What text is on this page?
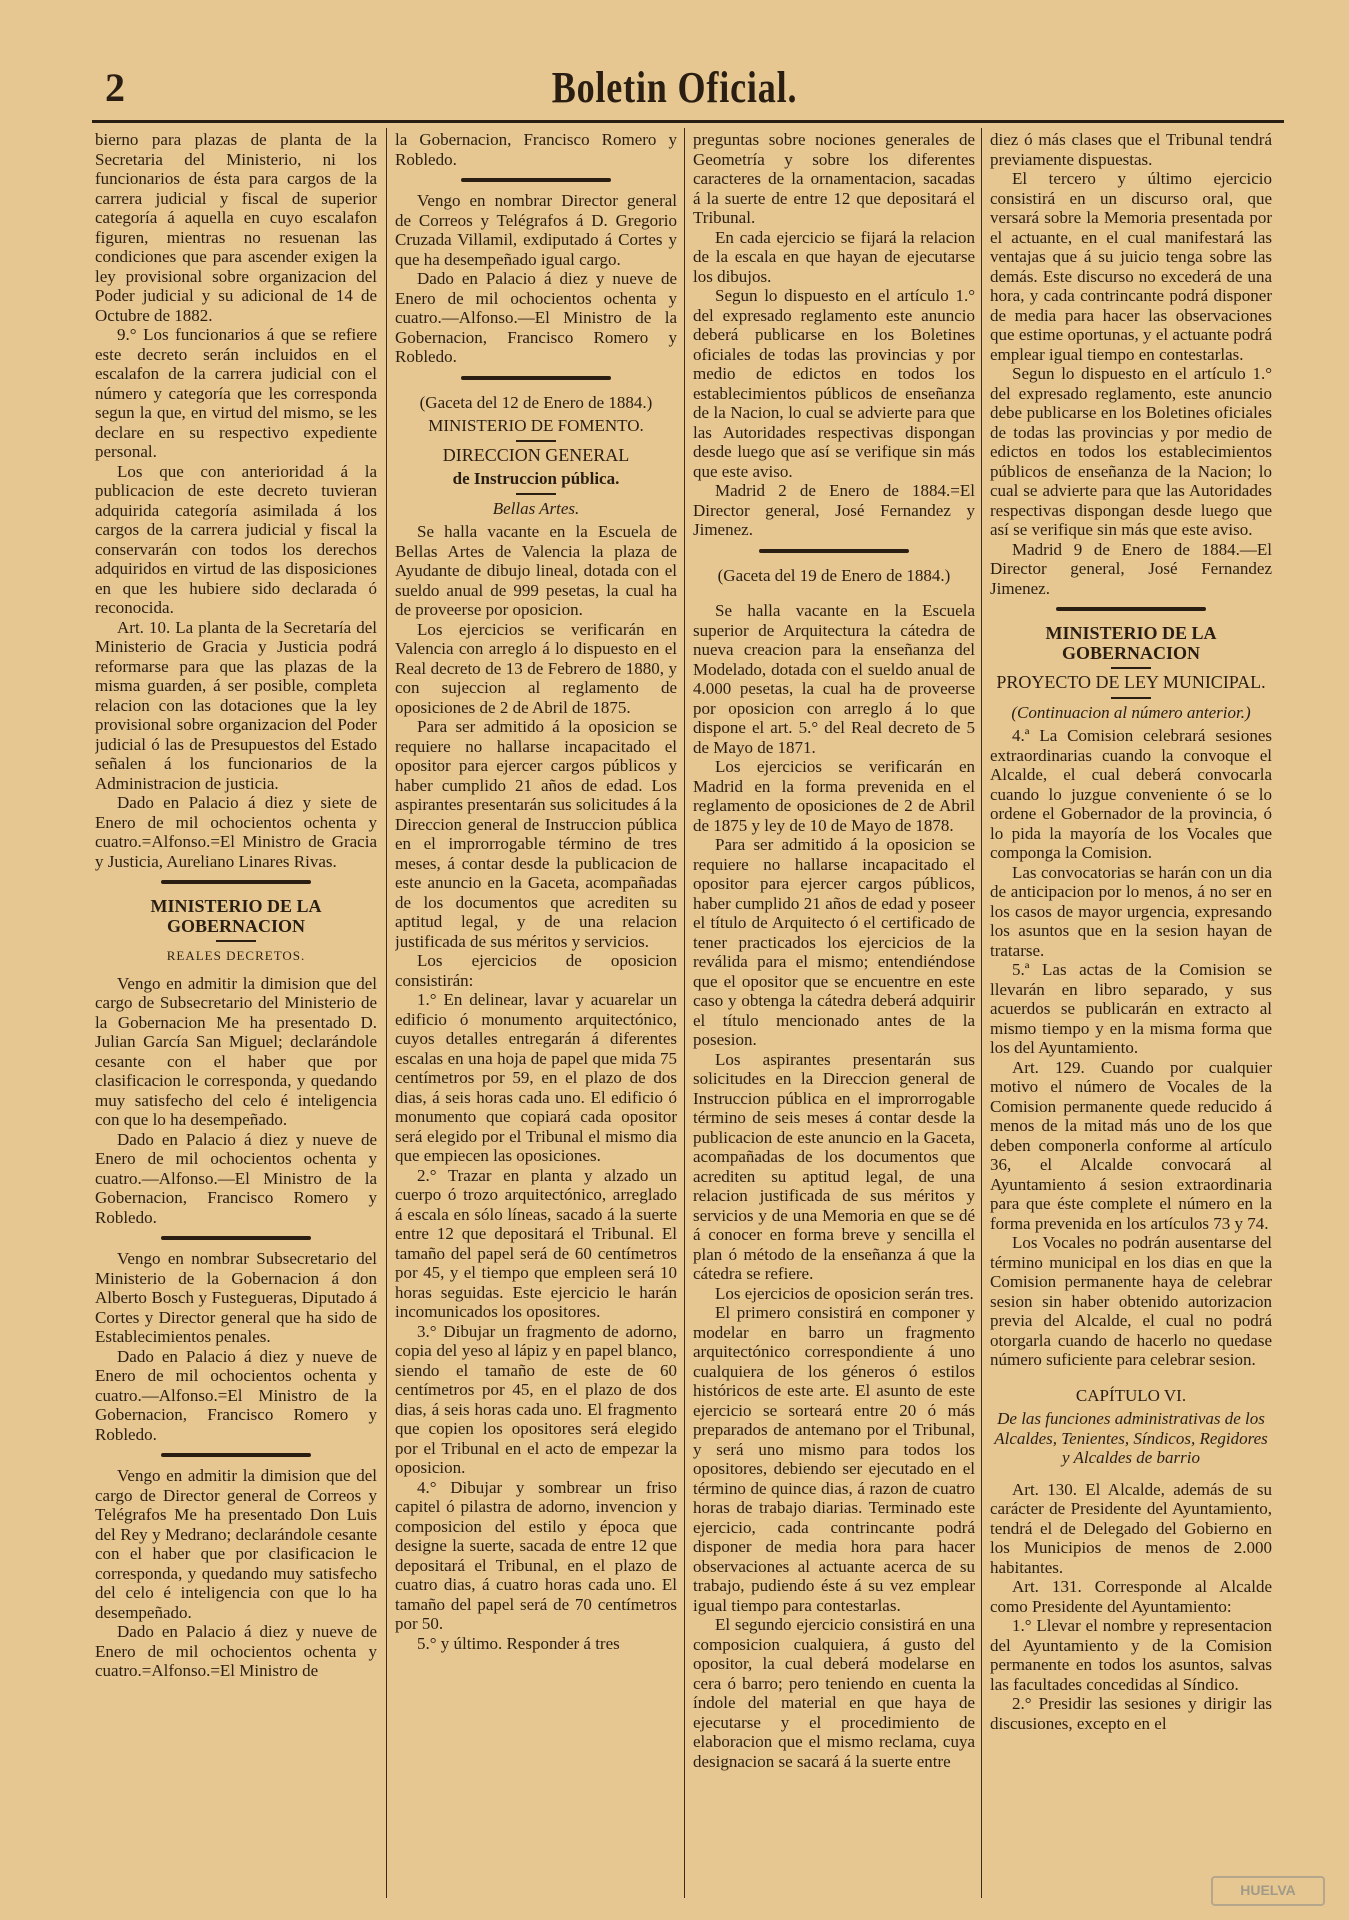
2	Boletin Oficial.

bierno para plazas de planta de la Secretaria del Ministerio, ni los funcionarios de ésta para cargos de la carrera judicial y fiscal de superior categoría á aquella en cuyo escalafon figuren, mientras no resuenan las condiciones que para ascender exigen la ley provisional sobre organizacion del Poder judicial y su adicional de 14 de Octubre de 1882.

9.° Los funcionarios á que se refiere este decreto serán incluidos en el escalafon de la carrera judicial con el número y categoría que les corresponda segun la que, en virtud del mismo, se les declare en su respectivo expediente personal.

Los que con anterioridad á la publicacion de este decreto tuvieran adquirida categoría asimilada á los cargos de la carrera judicial y fiscal la conservarán con todos los derechos adquiridos en virtud de las disposiciones en que les hubiere sido declarada ó reconocida.

Art. 10. La planta de la Secretaría del Ministerio de Gracia y Justicia podrá reformarse para que las plazas de la misma guarden, á ser posible, completa relacion con las dotaciones que la ley provisional sobre organizacion del Poder judicial ó las de Presupuestos del Estado señalen á los funcionarios de la Administracion de justicia.

Dado en Palacio á diez y siete de Enero de mil ochocientos ochenta y cuatro.=Alfonso.=El Ministro de Gracia y Justicia, Aureliano Linares Rivas.

MINISTERIO DE LA GOBERNACION
REALES DECRETOS.

Vengo en admitir la dimision que del cargo de Subsecretario del Ministerio de la Gobernacion Me ha presentado D. Julian García San Miguel; declarándole cesante con el haber que por clasificacion le corresponda, y quedando muy satisfecho del celo é inteligencia con que lo ha desempeñado.

Dado en Palacio á diez y nueve de Enero de mil ochocientos ochenta y cuatro.—Alfonso.—El Ministro de la Gobernacion, Francisco Romero y Robledo.

Vengo en nombrar Subsecretario del Ministerio de la Gobernacion á don Alberto Bosch y Fustegueras, Diputado á Cortes y Director general que ha sido de Establecimientos penales.

Dado en Palacio á diez y nueve de Enero de mil ochocientos ochenta y cuatro.—Alfonso.=El Ministro de la Gobernacion, Francisco Romero y Robledo.

Vengo en admitir la dimision que del cargo de Director general de Correos y Telégrafos Me ha presentado Don Luis del Rey y Medrano; declarándole cesante con el haber que por clasificacion le corresponda, y quedando muy satisfecho del celo é inteligencia con que lo ha desempeñado.

Dado en Palacio á diez y nueve de Enero de mil ochocientos ochenta y cuatro.=Alfonso.=El Ministro de

la Gobernacion, Francisco Romero y Robledo.

Vengo en nombrar Director general de Correos y Telégrafos á D. Gregorio Cruzada Villamil, exdiputado á Cortes y que ha desempeñado igual cargo.

Dado en Palacio á diez y nueve de Enero de mil ochocientos ochenta y cuatro.—Alfonso.—El Ministro de la Gobernacion, Francisco Romero y Robledo.

(Gaceta del 12 de Enero de 1884.)
MINISTERIO DE FOMENTO.
DIRECCION GENERAL
de Instruccion pública.
Bellas Artes.

Se halla vacante en la Escuela de Bellas Artes de Valencia la plaza de Ayudante de dibujo lineal, dotada con el sueldo anual de 999 pesetas, la cual ha de proveerse por oposicion.

Los ejercicios se verificarán en Valencia con arreglo á lo dispuesto en el Real decreto de 13 de Febrero de 1880, y con sujeccion al reglamento de oposiciones de 2 de Abril de 1875.

Para ser admitido á la oposicion se requiere no hallarse incapacitado el opositor para ejercer cargos públicos y haber cumplido 21 años de edad. Los aspirantes presentarán sus solicitudes á la Direccion general de Instruccion pública en el improrrogable término de tres meses, á contar desde la publicacion de este anuncio en la Gaceta, acompañadas de los documentos que acrediten su aptitud legal, y de una relacion justificada de sus méritos y servicios.

Los ejercicios de oposicion consistirán:

1.° En delinear, lavar y acuarelar un edificio ó monumento arquitectónico, cuyos detalles entregarán á diferentes escalas en una hoja de papel que mida 75 centímetros por 59, en el plazo de dos dias, á seis horas cada uno. El edificio ó monumento que copiará cada opositor será elegido por el Tribunal el mismo dia que empiecen las oposiciones.

2.° Trazar en planta y alzado un cuerpo ó trozo arquitectónico, arreglado á escala en sólo líneas, sacado á la suerte entre 12 que depositará el Tribunal. El tamaño del papel será de 60 centímetros por 45, y el tiempo que empleen será 10 horas seguidas. Este ejercicio le harán incomunicados los opositores.

3.° Dibujar un fragmento de adorno, copia del yeso al lápiz y en papel blanco, siendo el tamaño de este de 60 centímetros por 45, en el plazo de dos dias, á seis horas cada uno. El fragmento que copien los opositores será elegido por el Tribunal en el acto de empezar la oposicion.

4.° Dibujar y sombrear un friso capitel ó pilastra de adorno, invencion y composicion del estilo y época que designe la suerte, sacada de entre 12 que depositará el Tribunal, en el plazo de cuatro dias, á cuatro horas cada uno. El tamaño del papel será de 70 centímetros por 50.

5.° y último. Responder á tres

preguntas sobre nociones generales de Geometría y sobre los diferentes caracteres de la ornamentacion, sacadas á la suerte de entre 12 que depositará el Tribunal.

En cada ejercicio se fijará la relacion de la escala en que hayan de ejecutarse los dibujos.

Segun lo dispuesto en el artículo 1.° del expresado reglamento este anuncio deberá publicarse en los Boletines oficiales de todas las provincias y por medio de edictos en todos los establecimientos públicos de enseñanza de la Nacion, lo cual se advierte para que las Autoridades respectivas dispongan desde luego que así se verifique sin más que este aviso.

Madrid 2 de Enero de 1884.=El Director general, José Fernandez y Jimenez.

(Gaceta del 19 de Enero de 1884.)

Se halla vacante en la Escuela superior de Arquitectura la cátedra de nueva creacion para la enseñanza del Modelado, dotada con el sueldo anual de 4.000 pesetas, la cual ha de proveerse por oposicion con arreglo á lo que dispone el art. 5.° del Real decreto de 5 de Mayo de 1871.

Los ejercicios se verificarán en Madrid en la forma prevenida en el reglamento de oposiciones de 2 de Abril de 1875 y ley de 10 de Mayo de 1878.

Para ser admitido á la oposicion se requiere no hallarse incapacitado el opositor para ejercer cargos públicos, haber cumplido 21 años de edad y poseer el título de Arquitecto ó el certificado de tener practicados los ejercicios de la reválida para el mismo; entendiéndose que el opositor que se encuentre en este caso y obtenga la cátedra deberá adquirir el título mencionado antes de la posesion.

Los aspirantes presentarán sus solicitudes en la Direccion general de Instruccion pública en el improrrogable término de seis meses á contar desde la publicacion de este anuncio en la Gaceta, acompañadas de los documentos que acrediten su aptitud legal, de una relacion justificada de sus méritos y servicios y de una Memoria en que se dé á conocer en forma breve y sencilla el plan ó método de la enseñanza á que la cátedra se refiere.

Los ejercicios de oposicion serán tres.

El primero consistirá en componer y modelar en barro un fragmento arquitectónico correspondiente á uno cualquiera de los géneros ó estilos históricos de este arte. El asunto de este ejercicio se sorteará entre 20 ó más preparados de antemano por el Tribunal, y será uno mismo para todos los opositores, debiendo ser ejecutado en el término de quince dias, á razon de cuatro horas de trabajo diarias. Terminado este ejercicio, cada contrincante podrá disponer de media hora para hacer observaciones al actuante acerca de su trabajo, pudiendo éste á su vez emplear igual tiempo para contestarlas.

El segundo ejercicio consistirá en una composicion cualquiera, á gusto del opositor, la cual deberá modelarse en cera ó barro; pero teniendo en cuenta la índole del material en que haya de ejecutarse y el procedimiento de elaboracion que el mismo reclama, cuya designacion se sacará á la suerte entre

diez ó más clases que el Tribunal tendrá previamente dispuestas.

El tercero y último ejercicio consistirá en un discurso oral, que versará sobre la Memoria presentada por el actuante, en el cual manifestará las ventajas que á su juicio tenga sobre las demás. Este discurso no excederá de una hora, y cada contrincante podrá disponer de media para hacer las observaciones que estime oportunas, y el actuante podrá emplear igual tiempo en contestarlas.

Segun lo dispuesto en el artículo 1.° del expresado reglamento, este anuncio debe publicarse en los Boletines oficiales de todas las provincias y por medio de edictos en todos los establecimientos públicos de enseñanza de la Nacion; lo cual se advierte para que las Autoridades respectivas dispongan desde luego que así se verifique sin más que este aviso.

Madrid 9 de Enero de 1884.—El Director general, José Fernandez Jimenez.

MINISTERIO DE LA GOBERNACION
PROYECTO DE LEY MUNICIPAL.
(Continuacion al número anterior.)

4.ª La Comision celebrará sesiones extraordinarias cuando la convoque el Alcalde, el cual deberá convocarla cuando lo juzgue conveniente ó se lo ordene el Gobernador de la provincia, ó lo pida la mayoría de los Vocales que componga la Comision.

Las convocatorias se harán con un dia de anticipacion por lo menos, á no ser en los casos de mayor urgencia, expresando los asuntos que en la sesion hayan de tratarse.

5.ª Las actas de la Comision se llevarán en libro separado, y sus acuerdos se publicarán en extracto al mismo tiempo y en la misma forma que los del Ayuntamiento.

Art. 129. Cuando por cualquier motivo el número de Vocales de la Comision permanente quede reducido á menos de la mitad más uno de los que deben componerla conforme al artículo 36, el Alcalde convocará al Ayuntamiento á sesion extraordinaria para que éste complete el número en la forma prevenida en los artículos 73 y 74.

Los Vocales no podrán ausentarse del término municipal en los dias en que la Comision permanente haya de celebrar sesion sin haber obtenido autorizacion previa del Alcalde, el cual no podrá otorgarla cuando de hacerlo no quedase número suficiente para celebrar sesion.

CAPÍTULO VI.
De las funciones administrativas de los Alcaldes, Tenientes, Síndicos, Regidores y Alcaldes de barrio

Art. 130. El Alcalde, además de su carácter de Presidente del Ayuntamiento, tendrá el de Delegado del Gobierno en los Municipios de menos de 2.000 habitantes.

Art. 131. Corresponde al Alcalde como Presidente del Ayuntamiento:

1.° Llevar el nombre y representacion del Ayuntamiento y de la Comision permanente en todos los asuntos, salvas las facultades concedidas al Síndico.

2.° Presidir las sesiones y dirigir las discusiones, excepto en el

HUELVA
